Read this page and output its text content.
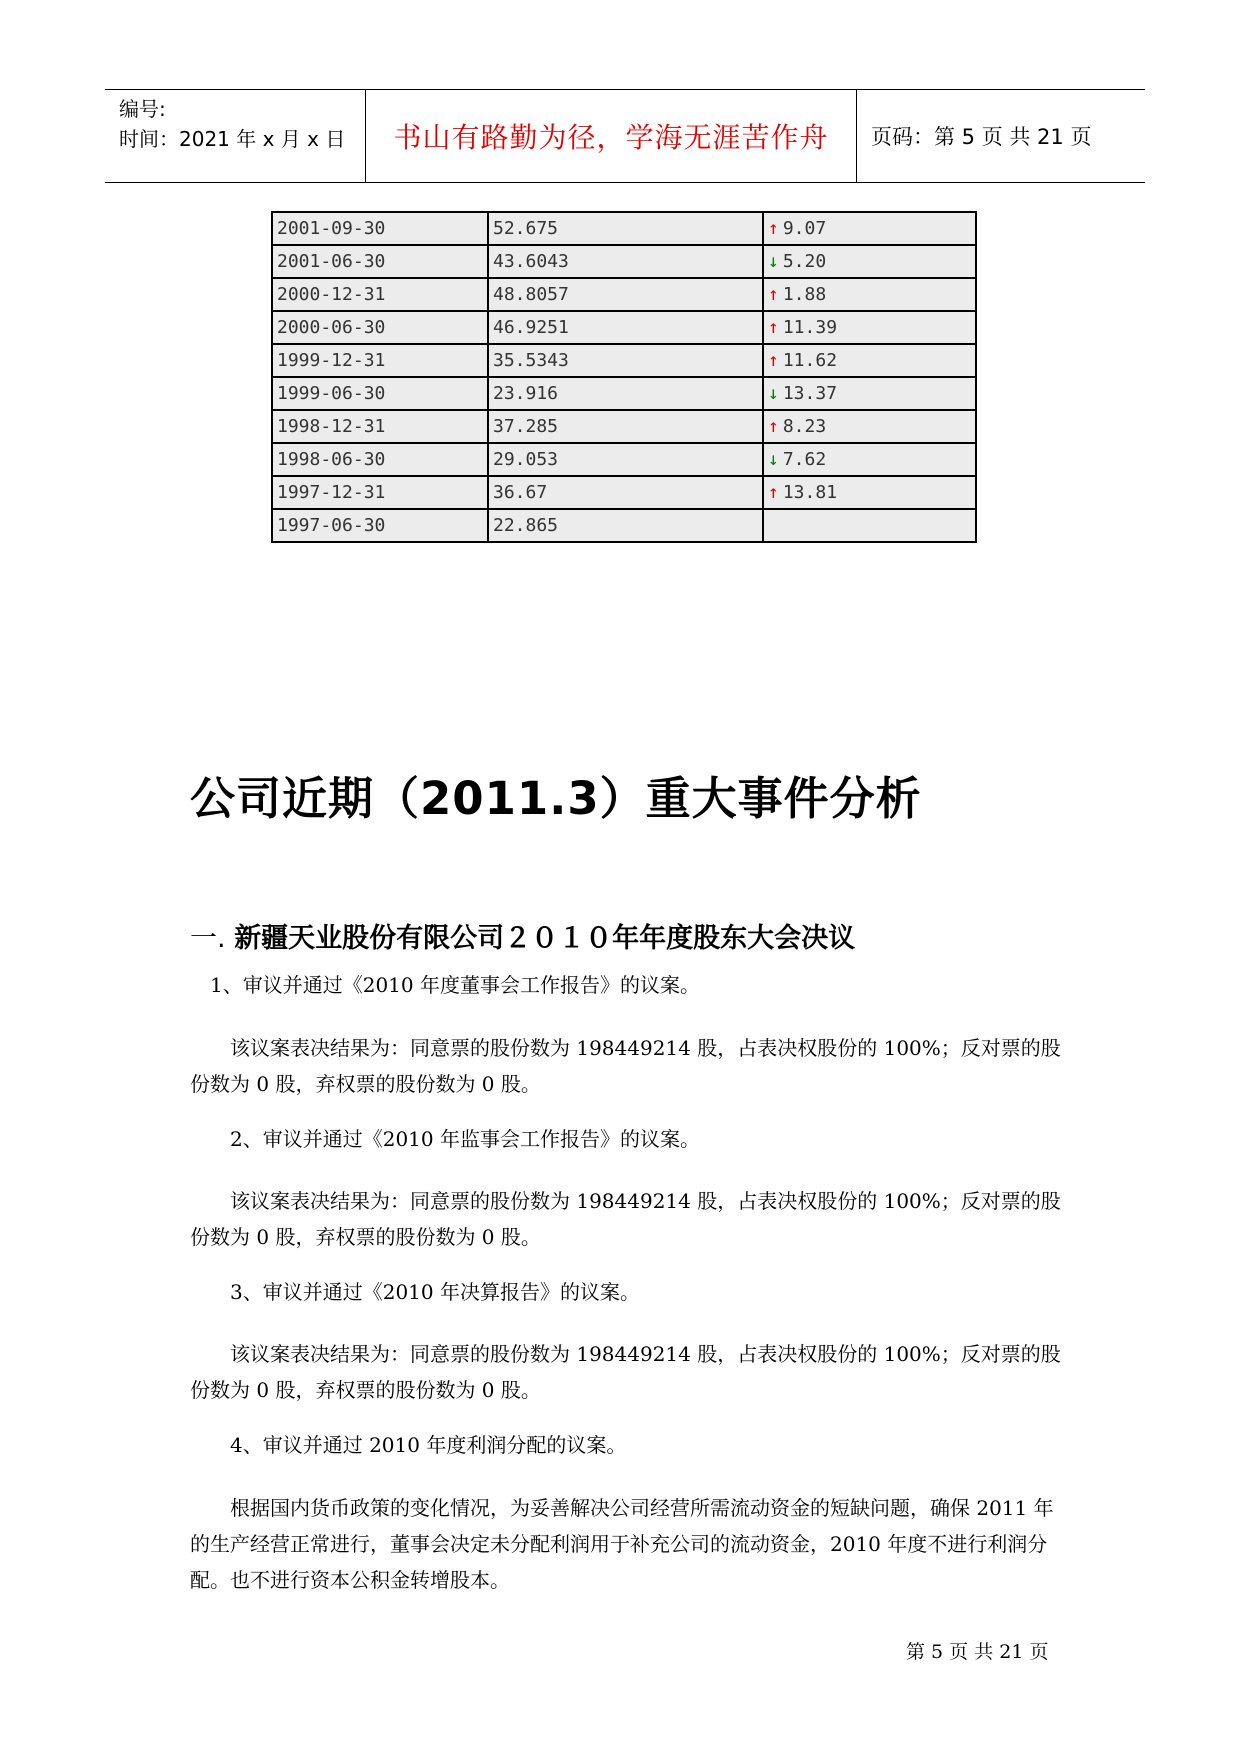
编号:
时间：2021 年 x 月 x 日	书山有路勤为径，学海无涯苦作舟	页码：第 5 页 共 21 页
2001-09-30	52.675	↑ 9.07
2001-06-30	43.6043	↓ 5.20
2000-12-31	48.8057	↑ 1.88
2000-06-30	46.9251	↑ 11.39
1999-12-31	35.5343	↑ 11.62
1999-06-30	23.916	↓ 13.37
1998-12-31	37.285	↑ 8.23
1998-06-30	29.053	↓ 7.62
1997-12-31	36.67	↑ 13.81
1997-06-30	22.865	
公司近期（2011.3）重大事件分析
一. 新疆天业股份有限公司２０１０年年度股东大会决议
1、审议并通过《2010 年度董事会工作报告》的议案。
该议案表决结果为：同意票的股份数为 198449214 股，占表决权股份的 100%；反对票的股份数为 0 股，弃权票的股份数为 0 股。
2、审议并通过《2010 年监事会工作报告》的议案。
该议案表决结果为：同意票的股份数为 198449214 股，占表决权股份的 100%；反对票的股份数为 0 股，弃权票的股份数为 0 股。
3、审议并通过《2010 年决算报告》的议案。
该议案表决结果为：同意票的股份数为 198449214 股，占表决权股份的 100%；反对票的股份数为 0 股，弃权票的股份数为 0 股。
4、审议并通过 2010 年度利润分配的议案。
根据国内货币政策的变化情况，为妥善解决公司经营所需流动资金的短缺问题，确保 2011 年的生产经营正常进行，董事会决定未分配利润用于补充公司的流动资金，2010 年度不进行利润分配。也不进行资本公积金转增股本。
第 5 页 共 21 页
